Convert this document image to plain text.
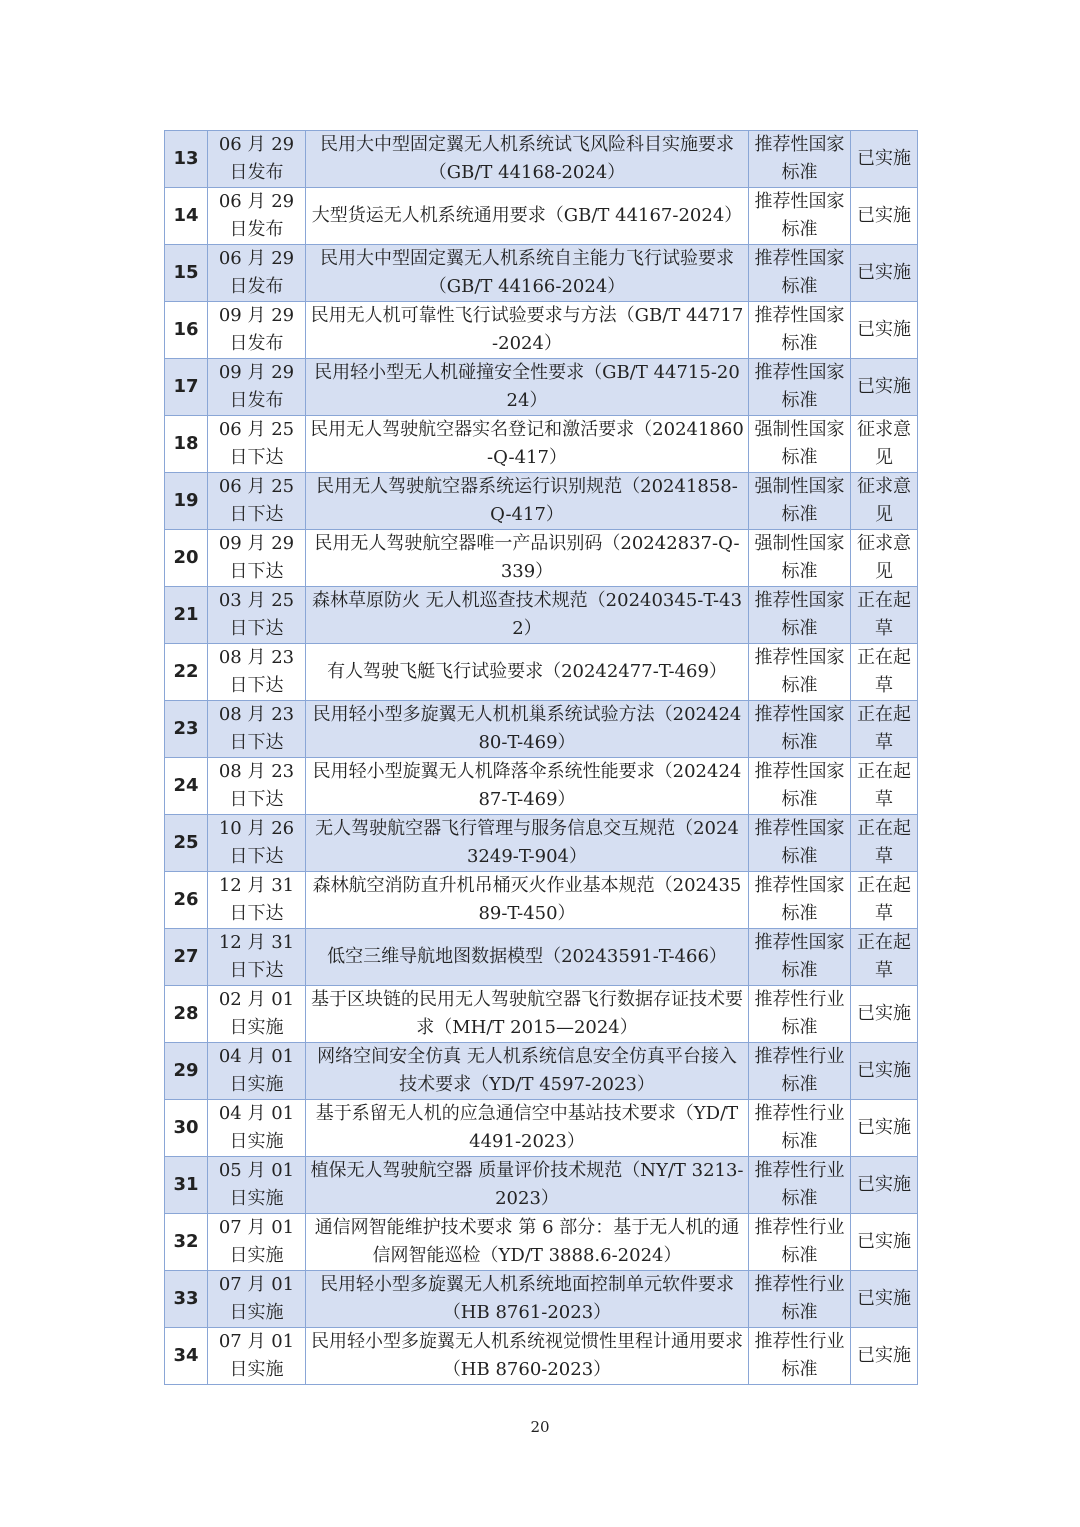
13	06 月 29 日发布	民用大中型固定翼无人机系统试飞风险科目实施要求（GB/T 44168-2024）	推荐性国家标准	已实施

14	06 月 29 日发布	大型货运无人机系统通用要求（GB/T 44167-2024）	推荐性国家标准	已实施

15	06 月 29 日发布	民用大中型固定翼无人机系统自主能力飞行试验要求（GB/T 44166-2024）	推荐性国家标准	已实施

16	09 月 29 日发布	民用无人机可靠性飞行试验要求与方法（GB/T 44717-2024）	推荐性国家标准	已实施

17	09 月 29 日发布	民用轻小型无人机碰撞安全性要求（GB/T 44715-2024）	推荐性国家标准	已实施

18	06 月 25 日下达	民用无人驾驶航空器实名登记和激活要求（20241860-Q-417）	强制性国家标准	征求意见

19	06 月 25 日下达	民用无人驾驶航空器系统运行识别规范（20241858-Q-417）	强制性国家标准	征求意见

20	09 月 29 日下达	民用无人驾驶航空器唯一产品识别码（20242837-Q-339）	强制性国家标准	征求意见

21	03 月 25 日下达	森林草原防火 无人机巡查技术规范（20240345-T-432）	推荐性国家标准	正在起草

22	08 月 23 日下达	有人驾驶飞艇飞行试验要求（20242477-T-469）	推荐性国家标准	正在起草

23	08 月 23 日下达	民用轻小型多旋翼无人机机巢系统试验方法（20242480-T-469）	推荐性国家标准	正在起草

24	08 月 23 日下达	民用轻小型旋翼无人机降落伞系统性能要求（20242487-T-469）	推荐性国家标准	正在起草

25	10 月 26 日下达	无人驾驶航空器飞行管理与服务信息交互规范（20243249-T-904）	推荐性国家标准	正在起草

26	12 月 31 日下达	森林航空消防直升机吊桶灭火作业基本规范（20243589-T-450）	推荐性国家标准	正在起草

27	12 月 31 日下达	低空三维导航地图数据模型（20243591-T-466）	推荐性国家标准	正在起草

28	02 月 01 日实施	基于区块链的民用无人驾驶航空器飞行数据存证技术要求（MH/T 2015—2024）	推荐性行业标准	已实施

29	04 月 01 日实施	网络空间安全仿真 无人机系统信息安全仿真平台接入技术要求（YD/T 4597-2023）	推荐性行业标准	已实施

30	04 月 01 日实施	基于系留无人机的应急通信空中基站技术要求（YD/T 4491-2023）	推荐性行业标准	已实施

31	05 月 01 日实施	植保无人驾驶航空器 质量评价技术规范（NY/T 3213-2023）	推荐性行业标准	已实施

32	07 月 01 日实施	通信网智能维护技术要求 第 6 部分：基于无人机的通信网智能巡检（YD/T 3888.6-2024）	推荐性行业标准	已实施

33	07 月 01 日实施	民用轻小型多旋翼无人机系统地面控制单元软件要求（HB 8761-2023）	推荐性行业标准	已实施

34	07 月 01 日实施	民用轻小型多旋翼无人机系统视觉惯性里程计通用要求（HB 8760-2023）	推荐性行业标准	已实施
20
